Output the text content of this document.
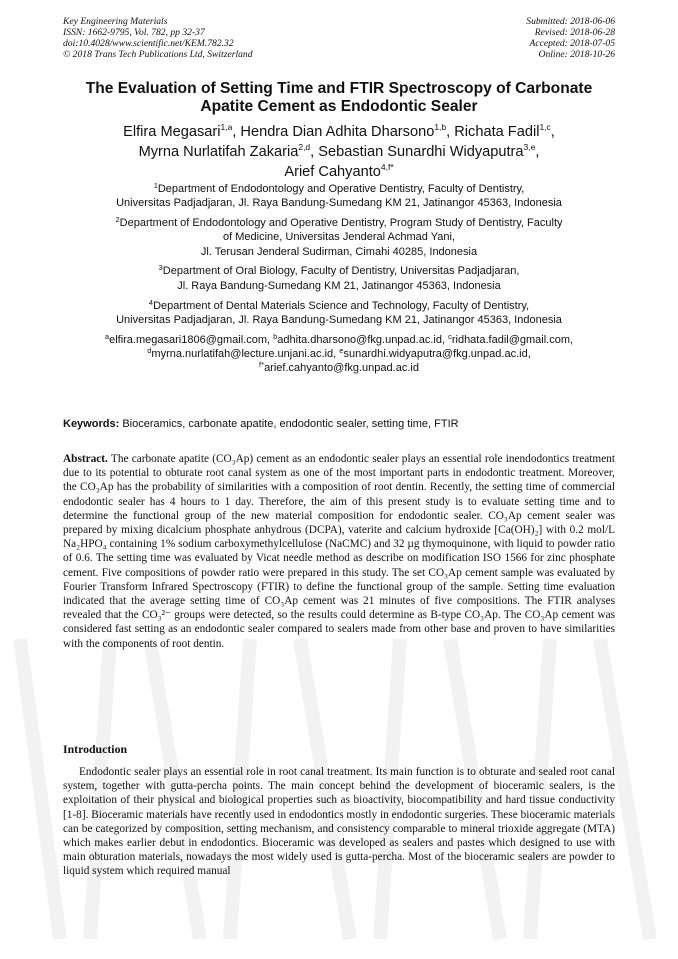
Key Engineering Materials
ISSN: 1662-9795, Vol. 782, pp 32-37
doi:10.4028/www.scientific.net/KEM.782.32
© 2018 Trans Tech Publications Ltd, Switzerland
Submitted: 2018-06-06
Revised: 2018-06-28
Accepted: 2018-07-05
Online: 2018-10-26
The Evaluation of Setting Time and FTIR Spectroscopy of Carbonate
Apatite Cement as Endodontic Sealer
Elfira Megasari$^{1,a}$, Hendra Dian Adhita Dharsono$^{1,b}$, Richata Fadil$^{1,c}$,
Myrna Nurlatifah Zakaria$^{2,d}$, Sebastian Sunardhi Widyaputra$^{3,e}$,
Arief Cahyanto$^{4,f*}$
$^1$Department of Endodontology and Operative Dentistry, Faculty of Dentistry,
Universitas Padjadjaran, Jl. Raya Bandung-Sumedang KM 21, Jatinangor 45363, Indonesia
$^2$Department of Endodontology and Operative Dentistry, Program Study of Dentistry, Faculty
of Medicine, Universitas Jenderal Achmad Yani,
Jl. Terusan Jenderal Sudirman, Cimahi 40285, Indonesia
$^3$Department of Oral Biology, Faculty of Dentistry, Universitas Padjadjaran,
Jl. Raya Bandung-Sumedang KM 21, Jatinangor 45363, Indonesia
$^4$Department of Dental Materials Science and Technology, Faculty of Dentistry,
Universitas Padjadjaran, Jl. Raya Bandung-Sumedang KM 21, Jatinangor 45363, Indonesia
$^a$elfira.megasari1806@gmail.com, $^b$adhita.dharsono@fkg.unpad.ac.id, $^c$ridhata.fadil@gmail.com,
$^d$myrna.nurlatifah@lecture.unjani.ac.id, $^e$sunardhi.widyaputra@fkg.unpad.ac.id,
$^{f*}$arief.cahyanto@fkg.unpad.ac.id
Keywords: Bioceramics, carbonate apatite, endodontic sealer, setting time, FTIR
Abstract. The carbonate apatite (CO₃Ap) cement as an endodontic sealer plays an essential role inendodontics treatment due to its potential to obturate root canal system as one of the most important parts in endodontic treatment. Moreover, the CO₃Ap has the probability of similarities with a composition of root dentin. Recently, the setting time of commercial endodontic sealer has 4 hours to 1 day. Therefore, the aim of this present study is to evaluate setting time and to determine the functional group of the new material composition for endodontic sealer. CO₃Ap cement sealer was prepared by mixing dicalcium phosphate anhydrous (DCPA), vaterite and calcium hydroxide [Ca(OH)₂] with 0.2 mol/L Na₂HPO₄ containing 1% sodium carboxymethylcellulose (NaCMC) and 32 µg thymoquinone, with liquid to powder ratio of 0.6. The setting time was evaluated by Vicat needle method as describe on modification ISO 1566 for zinc phosphate cement. Five compositions of powder ratio were prepared in this study. The set CO₃Ap cement sample was evaluated by Fourier Transform Infrared Spectroscopy (FTIR) to define the functional group of the sample. Setting time evaluation indicated that the average setting time of CO₃Ap cement was 21 minutes of five compositions. The FTIR analyses revealed that the CO₃²⁻ groups were detected, so the results could determine as B-type CO₃Ap. The CO₃Ap cement was considered fast setting as an endodontic sealer compared to sealers made from other base and proven to have similarities with the components of root dentin.
Introduction
Endodontic sealer plays an essential role in root canal treatment. Its main function is to obturate and sealed root canal system, together with gutta-percha points. The main concept behind the development of bioceramic sealers, is the exploitation of their physical and biological properties such as bioactivity, biocompatibility and hard tissue conductivity [1-8]. Bioceramic materials have recently used in endodontics mostly in endodontic surgeries. These bioceramic materials can be categorized by composition, setting mechanism, and consistency comparable to mineral trioxide aggregate (MTA) which makes earlier debut in endodontics. Bioceramic was developed as sealers and pastes which designed to use with main obturation materials, nowadays the most widely used is gutta-percha. Most of the bioceramic sealers are powder to liquid system which required manual
